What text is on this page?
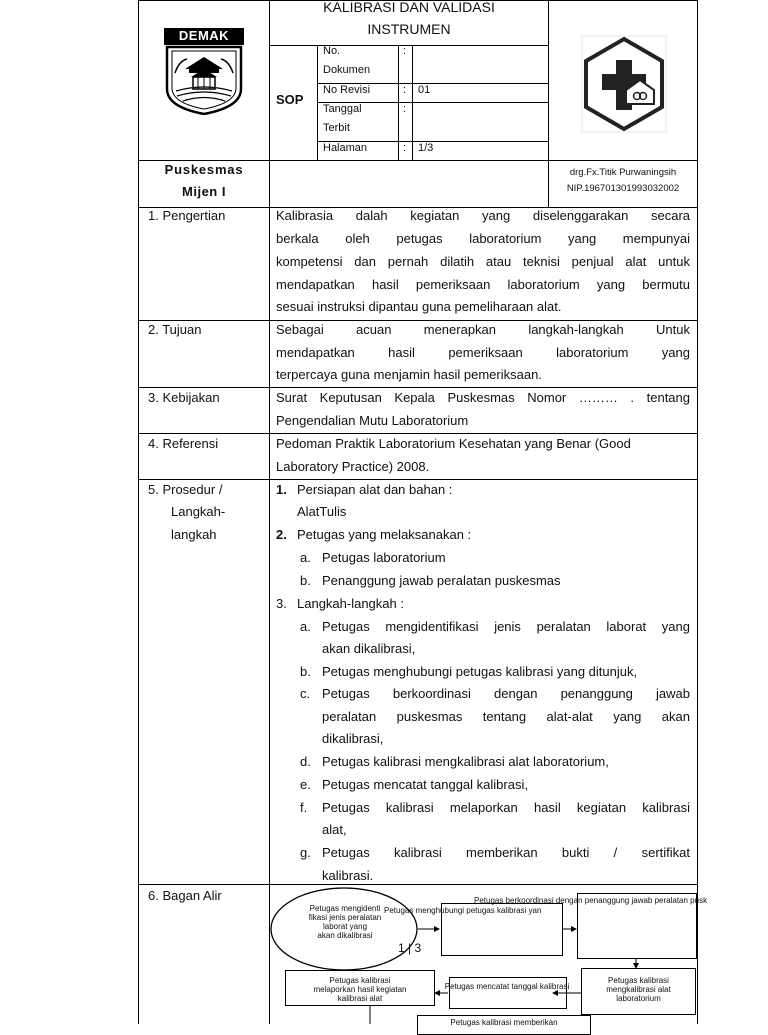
DEMAK
KALIBRASI DAN VALIDASI
INSTRUMEN
SOP
No.
Dokumen
:
No Revisi	: 01
Tanggal
Terbit
:
Halaman	: 1/3
Puskesmas
Mijen I
drg.Fx.Titik Purwaningsih
NIP.196701301993032002
1. Pengertian	Kalibrasia dalah kegiatan yang diselenggarakan secara
berkala oleh petugas laboratorium yang mempunyai
kompetensi dan pernah dilatih atau teknisi penjual alat untuk
mendapatkan hasil pemeriksaan laboratorium yang bermutu
sesuai instruksi dipantau guna pemeliharaan alat.
2. Tujuan	Sebagai acuan menerapkan langkah-langkah Untuk
mendapatkan hasil pemeriksaan laboratorium yang
terpercaya guna menjamin hasil pemeriksaan.
3. Kebijakan	Surat Keputusan Kepala Puskesmas Nomor ……… . tentang
Pengendalian Mutu Laboratorium
4. Referensi	Pedoman Praktik Laboratorium Kesehatan yang Benar (Good
Laboratory Practice) 2008.
5. Prosedur /
Langkah-
langkah
1. Persiapan alat dan bahan :
AlatTulis
2. Petugas yang melaksanakan :
a. Petugas laboratorium
b. Penanggung jawab peralatan puskesmas
3. Langkah-langkah :
a. Petugas mengidentifikasi jenis peralatan laborat yang
akan dikalibrasi,
b. Petugas menghubungi petugas kalibrasi yang ditunjuk,
c. Petugas berkoordinasi dengan penanggung jawab
peralatan puskesmas tentang alat-alat yang akan
dikalibrasi,
d. Petugas kalibrasi mengkalibrasi alat laboratorium,
e. Petugas mencatat tanggal kalibrasi,
f. Petugas kalibrasi melaporkan hasil kegiatan kalibrasi
alat,
g. Petugas kalibrasi memberikan bukti / sertifikat
kalibrasi.
6. Bagan Alir
Petugas mengidenti
fikasi jenis peralatan
laborat yang
akan dikalibrasi
Petugas menghubungi petugas kalibrasi yan
Petugas berkoordinasi dengan penanggung jawab peralatan pusk
1 | 3
Petugas kalibrasi
mengkalibrasi alat
laboratorium
Petugas mencatat tanggal kalibrasi
Petugas kalibrasi
melaporkan hasil kegiatan
kalibrasi alat
Petugas kalibrasi memberikan
